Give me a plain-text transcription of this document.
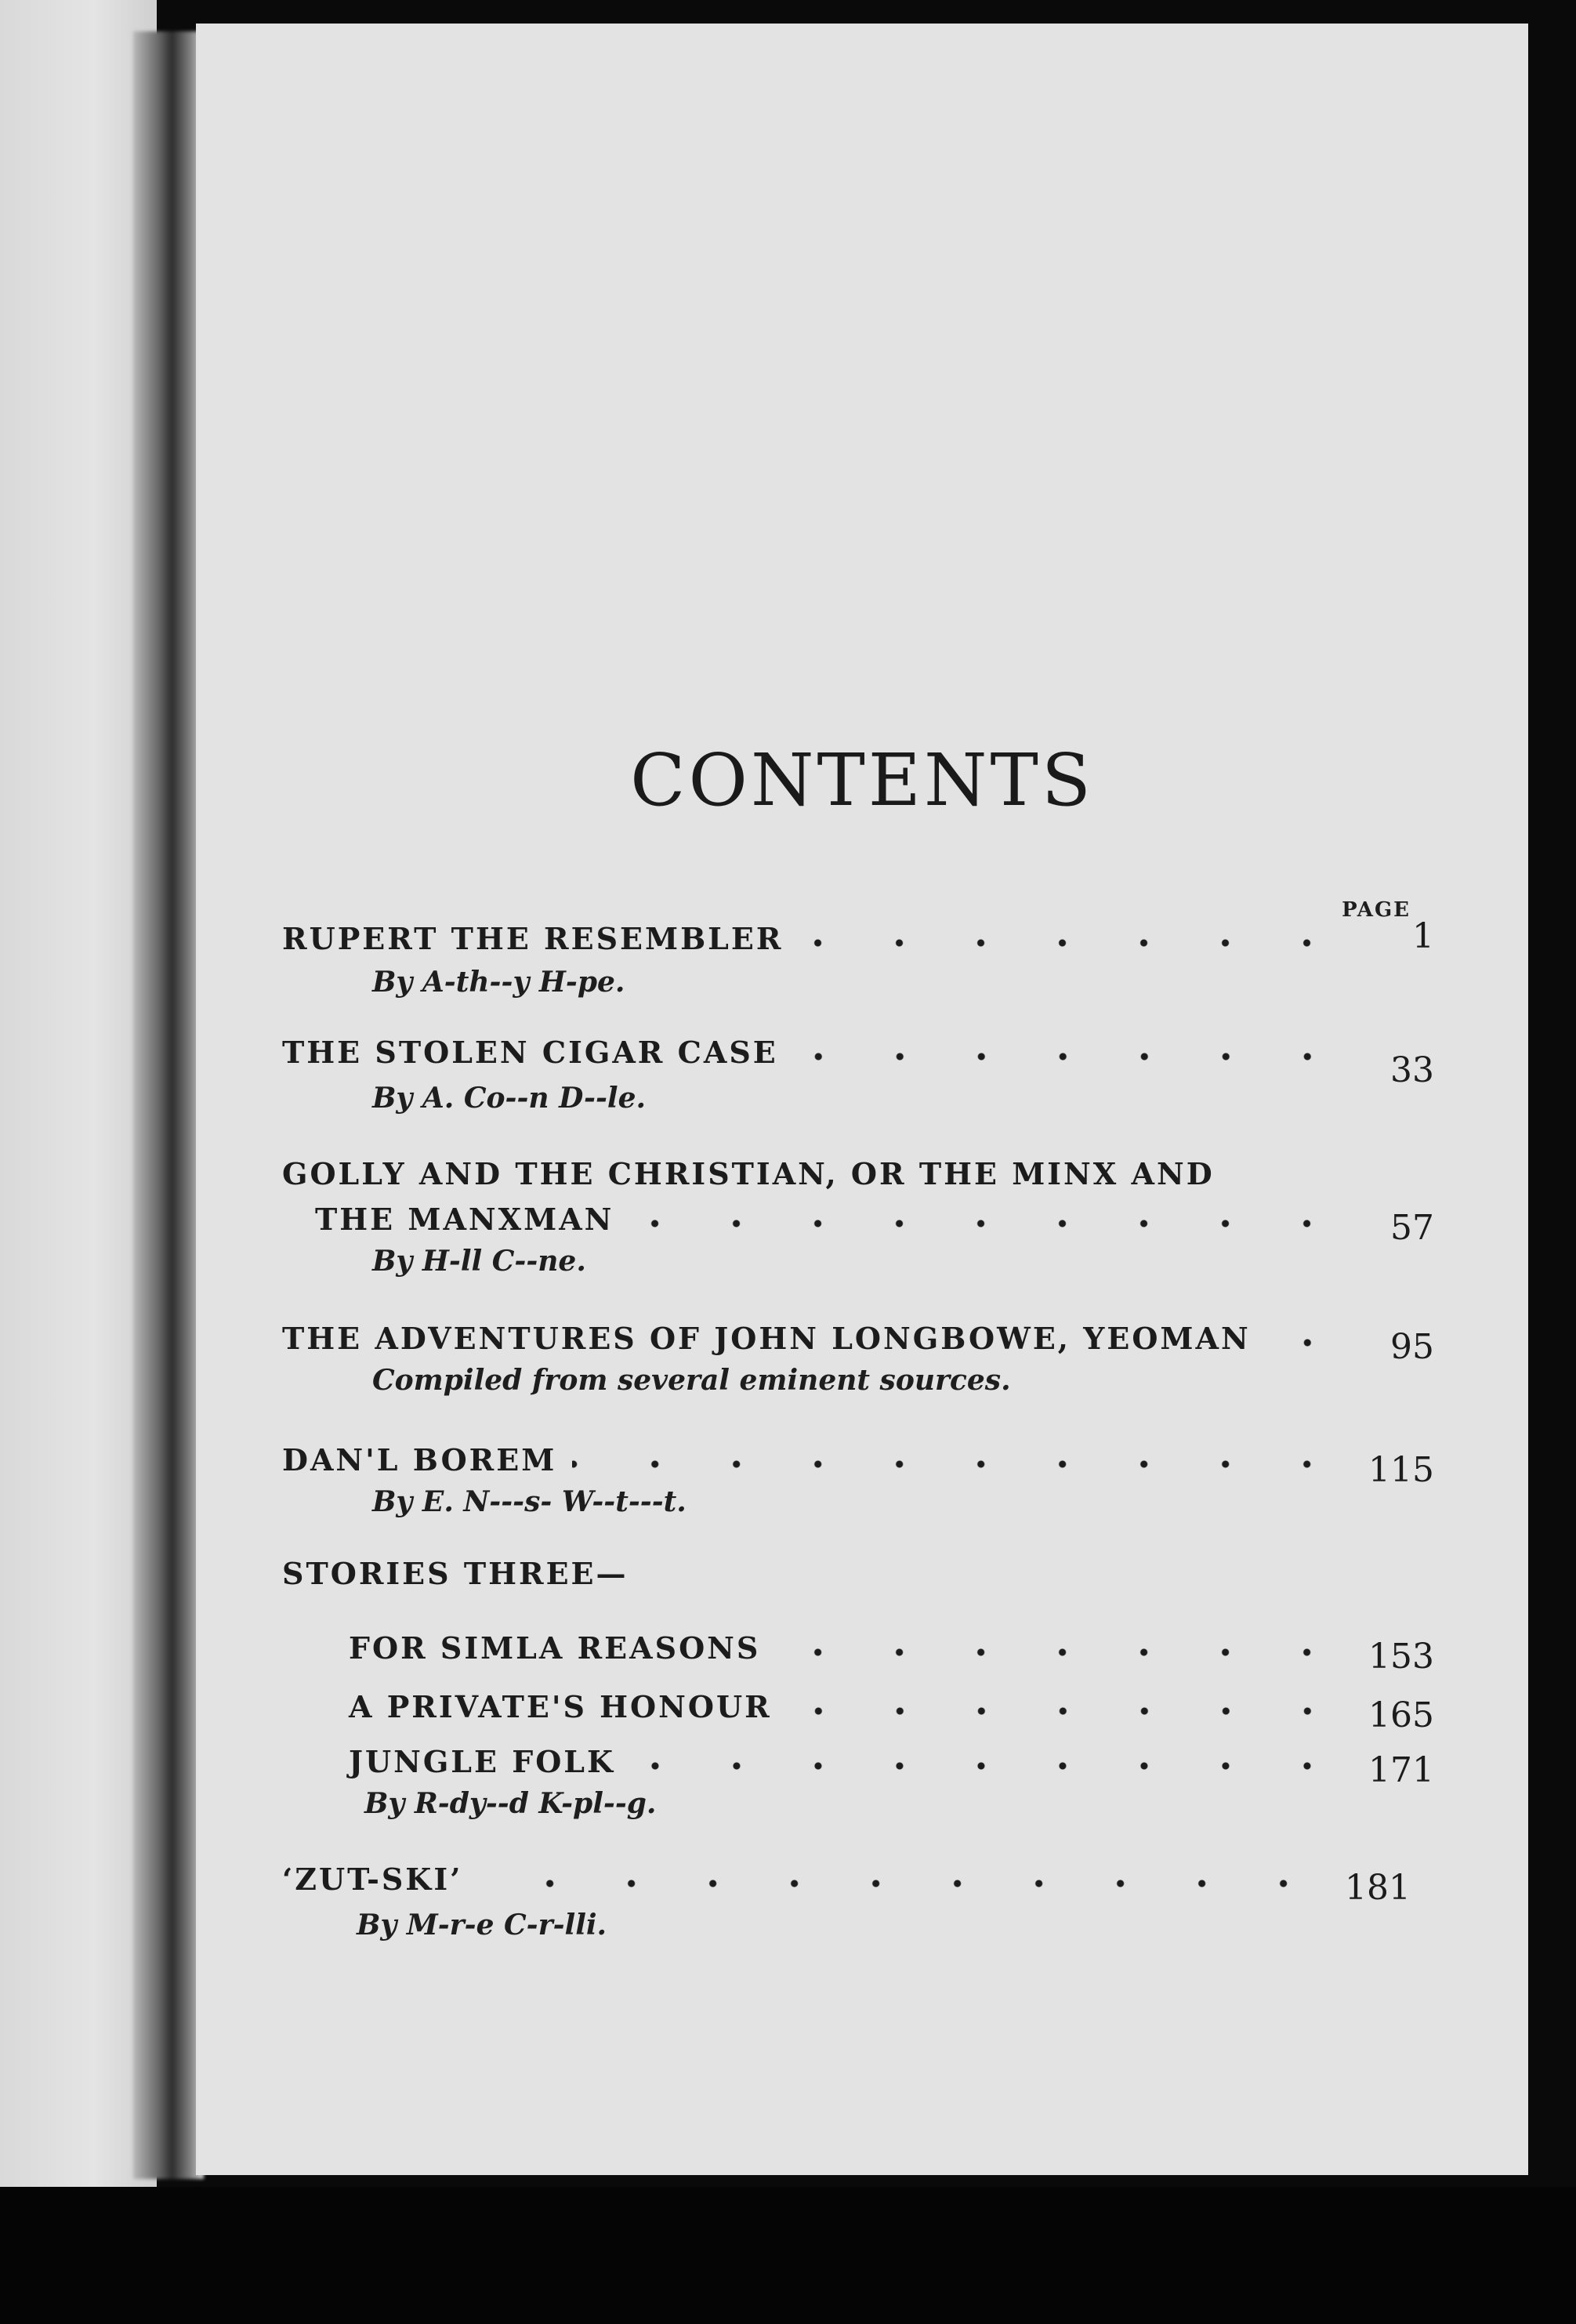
CONTENTS
PAGE
RUPERT THE RESEMBLER	1
By A-th--y H-pe.
THE STOLEN CIGAR CASE	33
By A. Co--n D--le.
GOLLY AND THE CHRISTIAN, OR THE MINX AND
THE MANXMAN	57
By H-ll C--ne.
THE ADVENTURES OF JOHN LONGBOWE, YEOMAN	95
Compiled from several eminent sources.
DAN'L BOREM	115
By E. N---s- W--t---t.
STORIES THREE—
FOR SIMLA REASONS	153
A PRIVATE'S HONOUR	165
JUNGLE FOLK	171
By R-dy--d K-pl--g.
‘ZUT-SKI’	181
By M-r-e C-r-lli.
